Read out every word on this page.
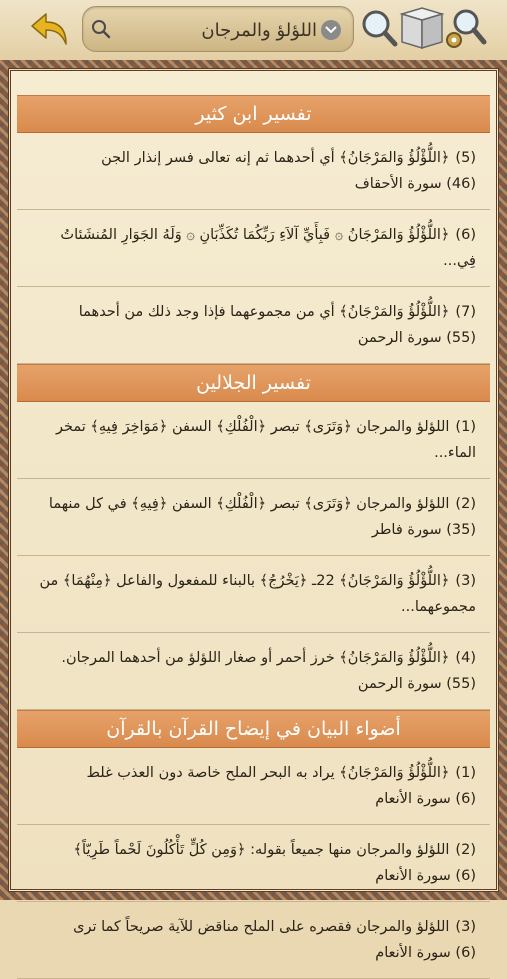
اللؤلؤ والمرجان
تفسير ابن كثير
(5)﴿اللُّؤْلُؤُ وَالمَرْجَانُ﴾ أي أحدهما ثم إنه تعالى فسر إنذار الجن
(46) سورة الأحقاف
(6)﴿اللُّؤْلُؤُ وَالمَرْجَانُ ۞ فَبِأَيِّ آلاَءِ رَبِّكُمَا تُكَذِّبَانِ ۞ وَلَهُ الجَوَارِ المُنشَئاتُ فِي...
(7)﴿اللُّؤْلُؤُ وَالمَرْجَانُ﴾ أي من مجموعهما فإذا وجد ذلك من أحدهما
(55) سورة الرحمن
تفسير الجلالين
(1)اللؤلؤ والمرجان ﴿وَتَرَى﴾ تبصر ﴿الْفُلْكِ﴾ السفن ﴿مَوَاخِرَ فِيهِ﴾ تمخر الماء...
(2)اللؤلؤ والمرجان ﴿وَتَرَى﴾ تبصر ﴿الْفُلْكِ﴾ السفن ﴿فِيهِ﴾ في كل منهما
(35) سورة فاطر
(3)﴿اللُّؤْلُؤُ وَالمَرْجَانُ﴾ 22ـ ﴿يَخْرُجُ﴾ بالبناء للمفعول والفاعل ﴿مِنْهُمَا﴾ من مجموعهما...
(4)﴿اللُّؤْلُؤُ وَالمَرْجَانُ﴾ خرز أحمر أو صغار اللؤلؤ من أحدهما المرجان.
(55) سورة الرحمن
أضواء البيان في إيضاح القرآن بالقرآن
(1)﴿اللُّؤْلُؤُ وَالمَرْجَانُ﴾ يراد به البحر الملح خاصة دون العذب غلط
(6) سورة الأنعام
(2)اللؤلؤ والمرجان منها جميعاً بقوله: ﴿وَمِن كُلٍّ تَأْكُلُونَ لَحْماً طَرِيّاً﴾
(6) سورة الأنعام
(3)اللؤلؤ والمرجان فقصره على الملح مناقض للآية صريحاً كما ترى
(6) سورة الأنعام
